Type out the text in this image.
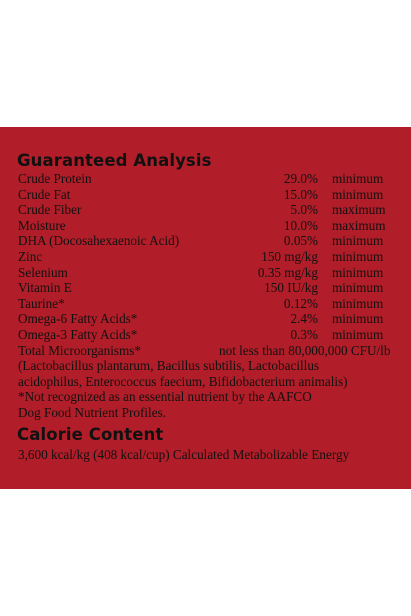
Guaranteed Analysis
Crude Protein	29.0% minimum
Crude Fat	15.0% minimum
Crude Fiber	5.0% maximum
Moisture	10.0% maximum
DHA (Docosahexaenoic Acid)	0.05% minimum
Zinc	150 mg/kg minimum
Selenium	0.35 mg/kg minimum
Vitamin E	150 IU/kg minimum
Taurine*	0.12% minimum
Omega-6 Fatty Acids*	2.4% minimum
Omega-3 Fatty Acids*	0.3% minimum
Total Microorganisms*	not less than 80,000,000 CFU/lb
(Lactobacillus plantarum, Bacillus subtilis, Lactobacillus
acidophilus, Enterococcus faecium, Bifidobacterium animalis)
*Not recognized as an essential nutrient by the AAFCO
Dog Food Nutrient Profiles.
Calorie Content
3,600 kcal/kg (408 kcal/cup) Calculated Metabolizable Energy
